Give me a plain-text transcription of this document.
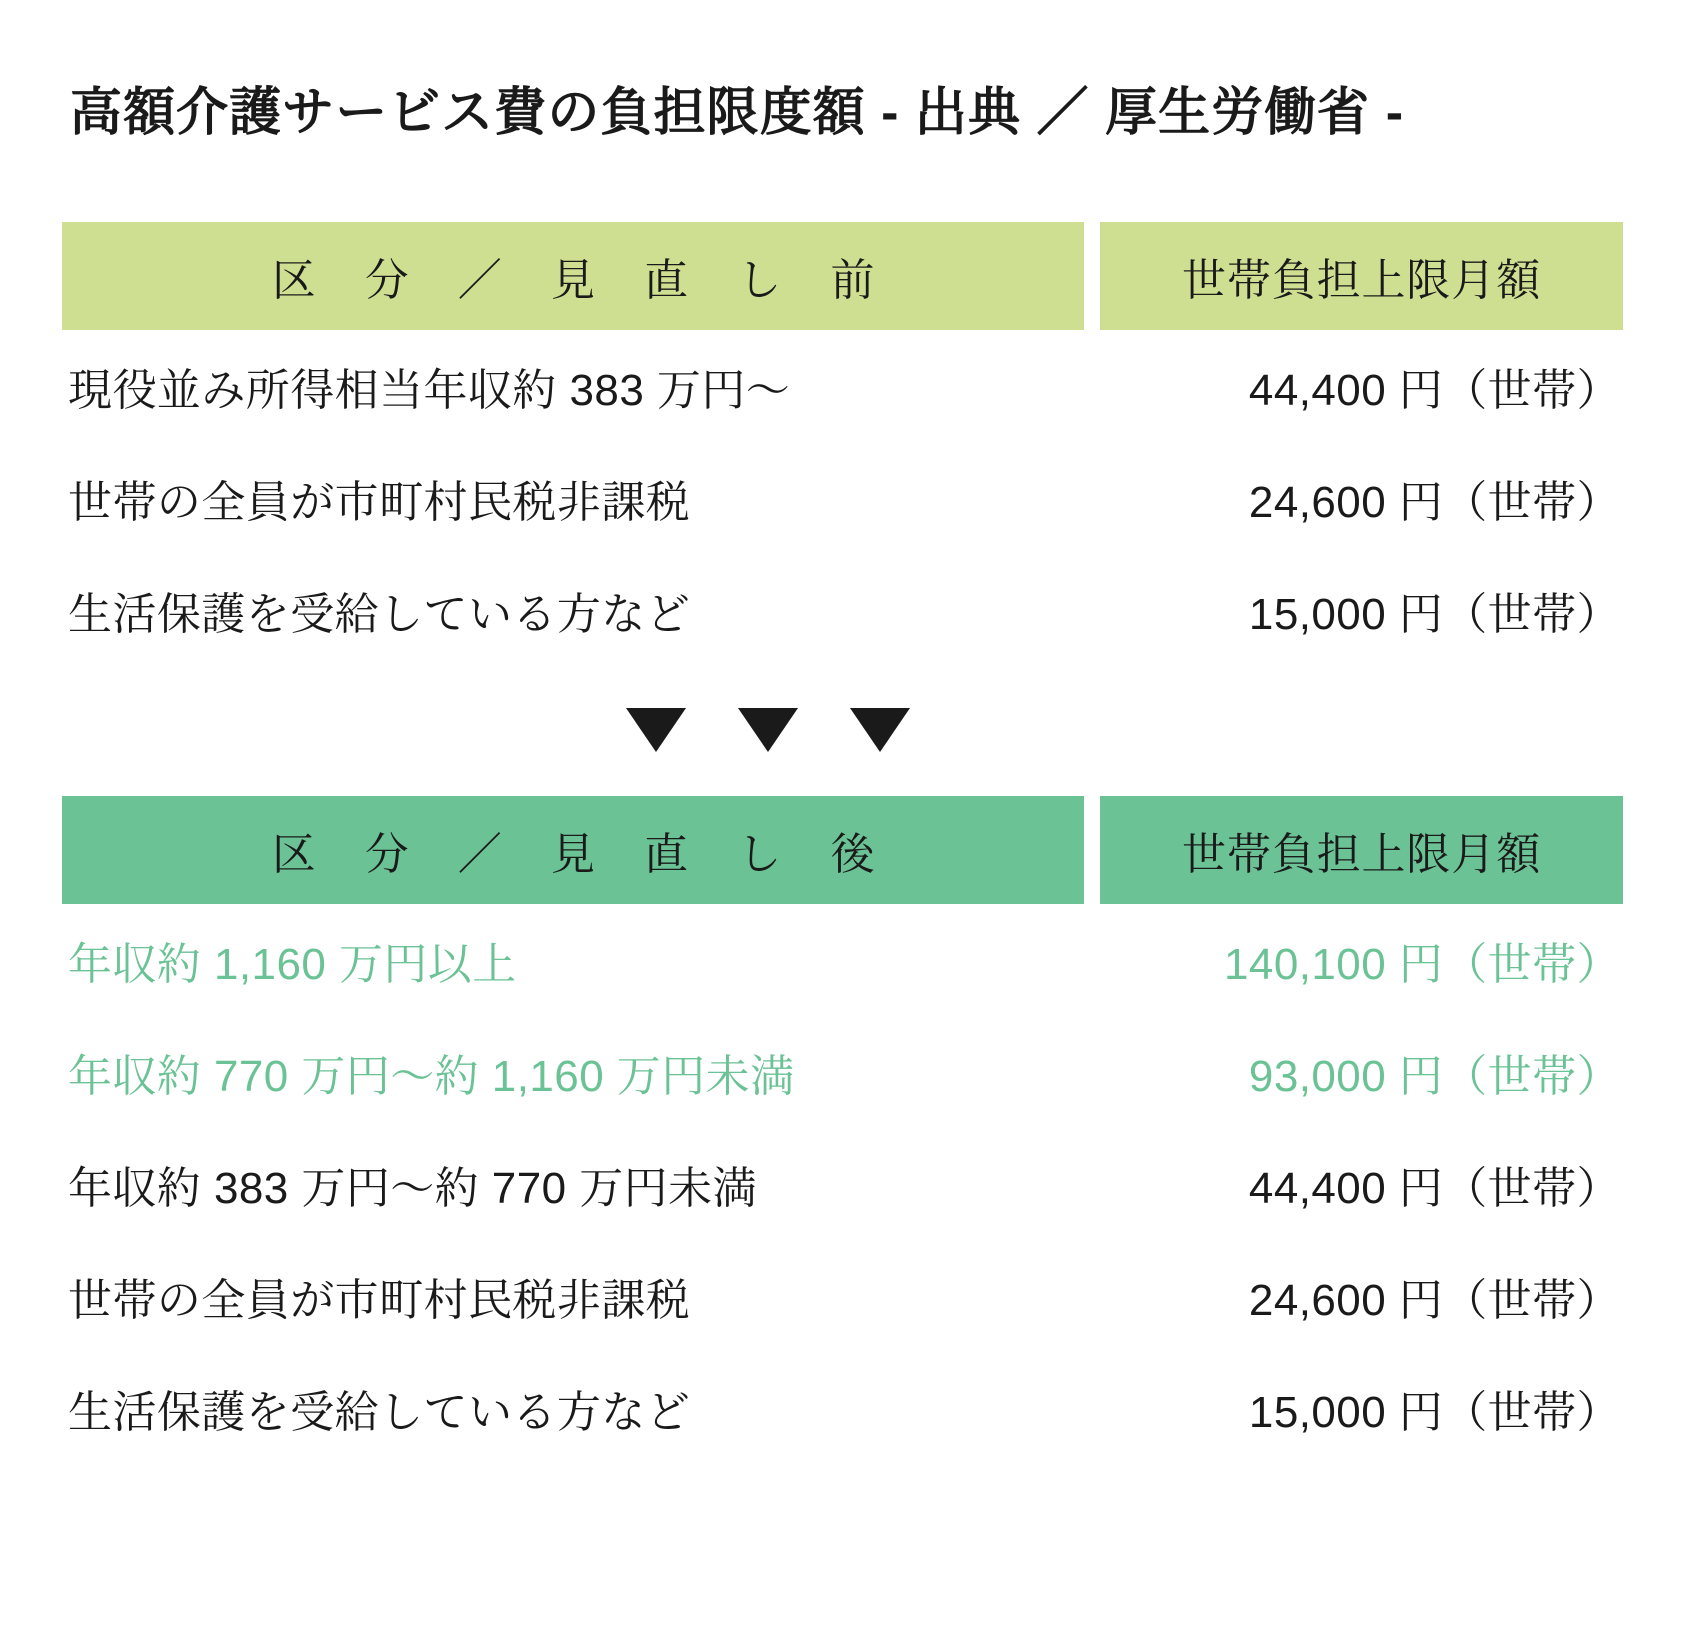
高額介護サービス費の負担限度額 - 出典 ／ 厚生労働省 -
区 分 ／ 見 直 し 前	世帯負担上限月額
現役並み所得相当年収約 383 万円〜	44,400 円（世帯）
世帯の全員が市町村民税非課税	24,600 円（世帯）
生活保護を受給している方など	15,000 円（世帯）
区 分 ／ 見 直 し 後	世帯負担上限月額
年収約 1,160 万円以上	140,100 円（世帯）
年収約 770 万円〜約 1,160 万円未満	93,000 円（世帯）
年収約 383 万円〜約 770 万円未満	44,400 円（世帯）
世帯の全員が市町村民税非課税	24,600 円（世帯）
生活保護を受給している方など	15,000 円（世帯）
